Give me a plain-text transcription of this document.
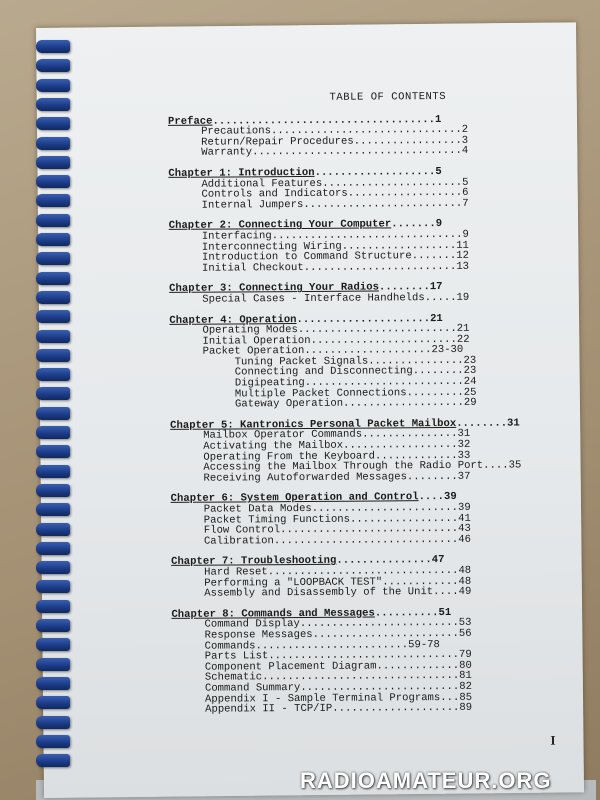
TABLE OF CONTENTS
Preface...................................1
Precautions..............................2
Return/Repair Procedures.................3
Warranty.................................4
Chapter 1: Introduction...................5
Additional Features......................5
Controls and Indicators..................6
Internal Jumpers.........................7
Chapter 2: Connecting Your Computer.......9
Interfacing..............................9
Interconnecting Wiring..................11
Introduction to Command Structure.......12
Initial Checkout........................13
Chapter 3: Connecting Your Radios........17
Special Cases - Interface Handhelds.....19
Chapter 4: Operation.....................21
Operating Modes.........................21
Initial Operation.......................22
Packet Operation....................23-30
Tuning Packet Signals...............23
Connecting and Disconnecting........23
Digipeating.........................24
Multiple Packet Connections.........25
Gateway Operation...................29
Chapter 5: Kantronics Personal Packet Mailbox........31
Mailbox Operator Commands...............31
Activating the Mailbox..................32
Operating From the Keyboard.............33
Accessing the Mailbox Through the Radio Port....35
Receiving Autoforwarded Messages........37
Chapter 6: System Operation and Control....39
Packet Data Modes.......................39
Packet Timing Functions.................41
Flow Control............................43
Calibration.............................46
Chapter 7: Troubleshooting...............47
Hard Reset..............................48
Performing a "LOOPBACK TEST"............48
Assembly and Disassembly of the Unit....49
Chapter 8: Commands and Messages..........51
Command Display.........................53
Response Messages.......................56
Commands........................59-78
Parts List..............................79
Component Placement Diagram.............80
Schematic...............................81
Command Summary.........................82
Appendix I - Sample Terminal Programs...85
Appendix II - TCP/IP....................89
I
RADIOAMATEUR.ORG
